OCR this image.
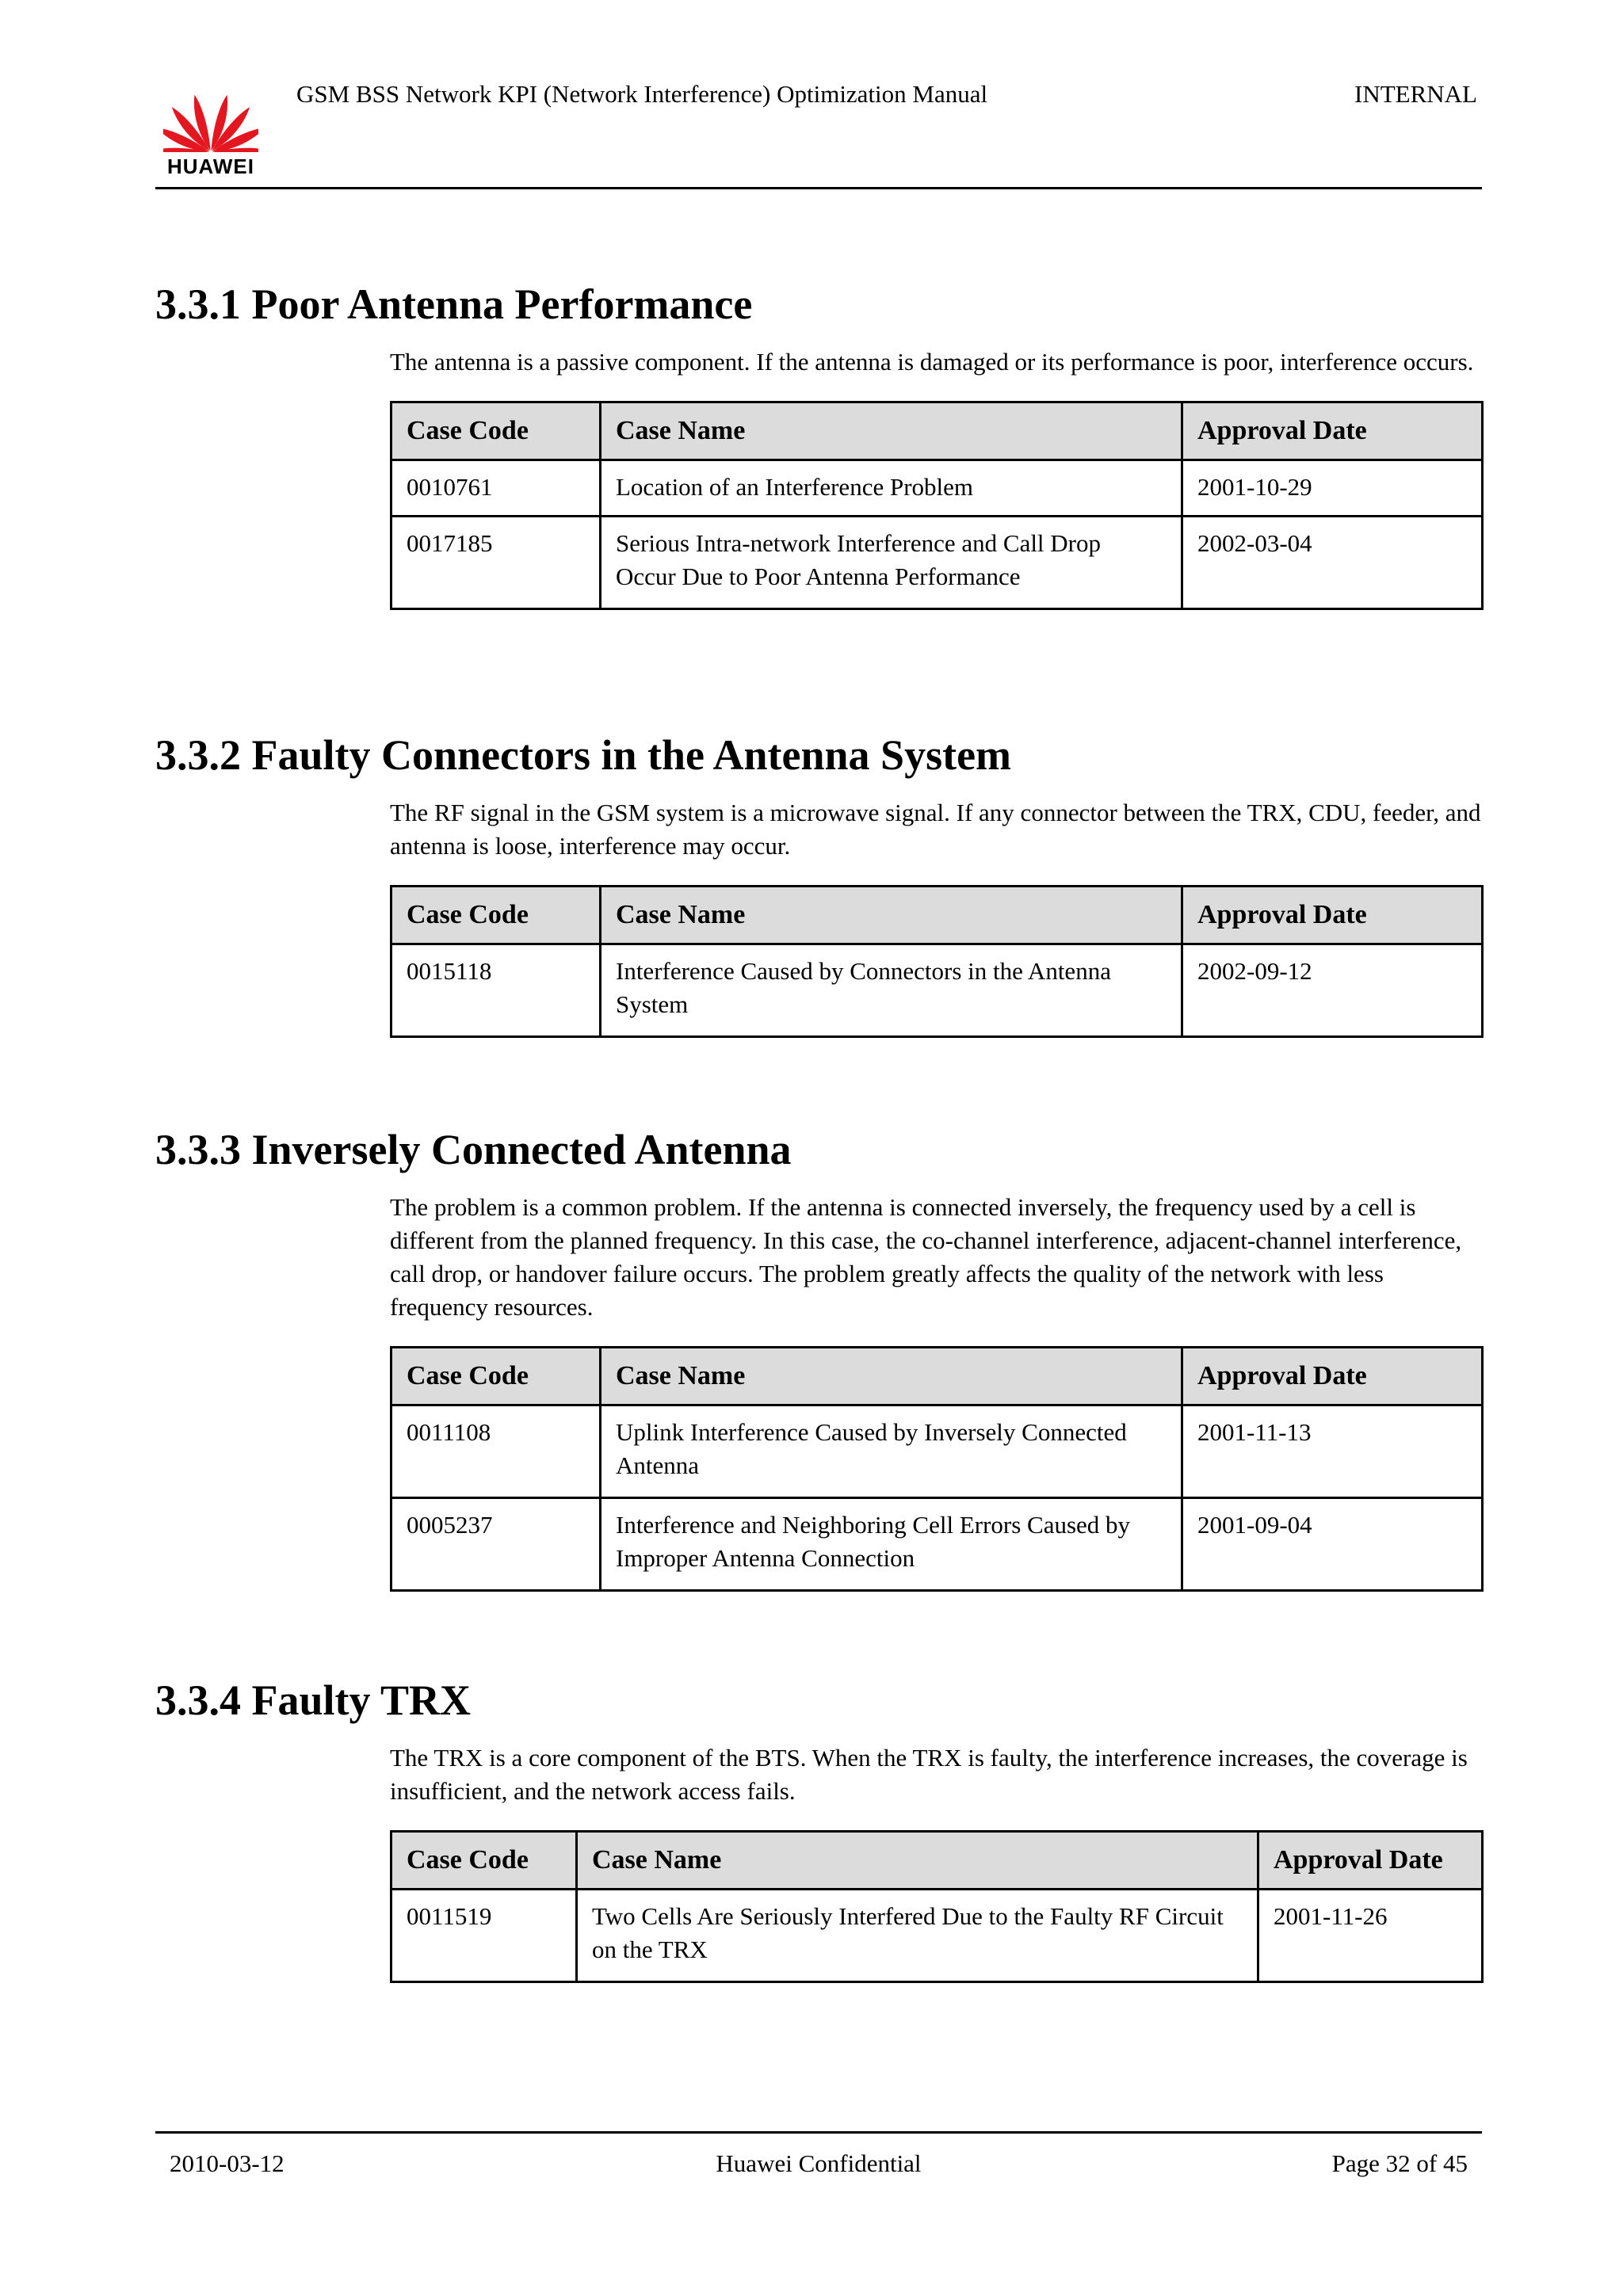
HUAWEI
GSM BSS Network KPI (Network Interference) Optimization Manual	INTERNAL
3.3.1 Poor Antenna Performance

The antenna is a passive component. If the antenna is damaged or its performance is poor, interference occurs.

Case Code	Case Name	Approval Date
0010761	Location of an Interference Problem	2001-10-29
0017185	Serious Intra-network Interference and Call Drop Occur Due to Poor Antenna Performance	2002-03-04
3.3.2 Faulty Connectors in the Antenna System

The RF signal in the GSM system is a microwave signal. If any connector between the TRX, CDU, feeder, and antenna is loose, interference may occur.

Case Code	Case Name	Approval Date
0015118	Interference Caused by Connectors in the Antenna System	2002-09-12
3.3.3 Inversely Connected Antenna

The problem is a common problem. If the antenna is connected inversely, the frequency used by a cell is different from the planned frequency. In this case, the co-channel interference, adjacent-channel interference, call drop, or handover failure occurs. The problem greatly affects the quality of the network with less frequency resources.

Case Code	Case Name	Approval Date
0011108	Uplink Interference Caused by Inversely Connected Antenna	2001-11-13
0005237	Interference and Neighboring Cell Errors Caused by Improper Antenna Connection	2001-09-04
3.3.4 Faulty TRX

The TRX is a core component of the BTS. When the TRX is faulty, the interference increases, the coverage is insufficient, and the network access fails.

Case Code	Case Name	Approval Date
0011519	Two Cells Are Seriously Interfered Due to the Faulty RF Circuit on the TRX	2001-11-26
2010-03-12	Huawei Confidential	Page 32 of 45
